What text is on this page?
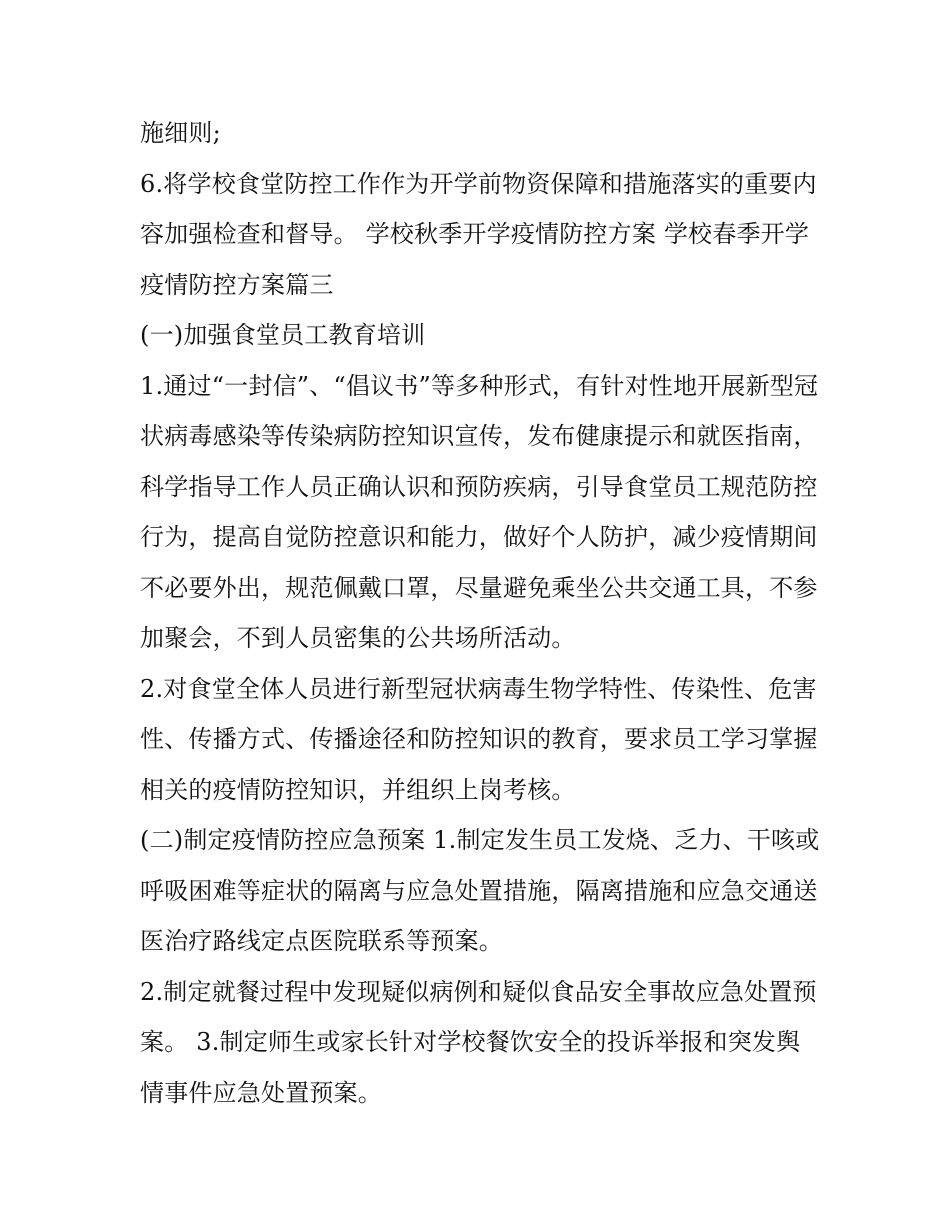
施细则;

6.将学校食堂防控工作作为开学前物资保障和措施落实的重要内容加强检查和督导。 学校秋季开学疫情防控方案 学校春季开学疫情防控方案篇三

(一)加强食堂员工教育培训

1.通过“一封信”、“倡议书”等多种形式，有针对性地开展新型冠状病毒感染等传染病防控知识宣传，发布健康提示和就医指南，科学指导工作人员正确认识和预防疾病，引导食堂员工规范防控行为，提高自觉防控意识和能力，做好个人防护，减少疫情期间不必要外出，规范佩戴口罩，尽量避免乘坐公共交通工具，不参加聚会，不到人员密集的公共场所活动。

2.对食堂全体人员进行新型冠状病毒生物学特性、传染性、危害性、传播方式、传播途径和防控知识的教育，要求员工学习掌握相关的疫情防控知识，并组织上岗考核。

(二)制定疫情防控应急预案 1.制定发生员工发烧、乏力、干咳或呼吸困难等症状的隔离与应急处置措施，隔离措施和应急交通送医治疗路线定点医院联系等预案。

2.制定就餐过程中发现疑似病例和疑似食品安全事故应急处置预案。 3.制定师生或家长针对学校餐饮安全的投诉举报和突发舆情事件应急处置预案。
